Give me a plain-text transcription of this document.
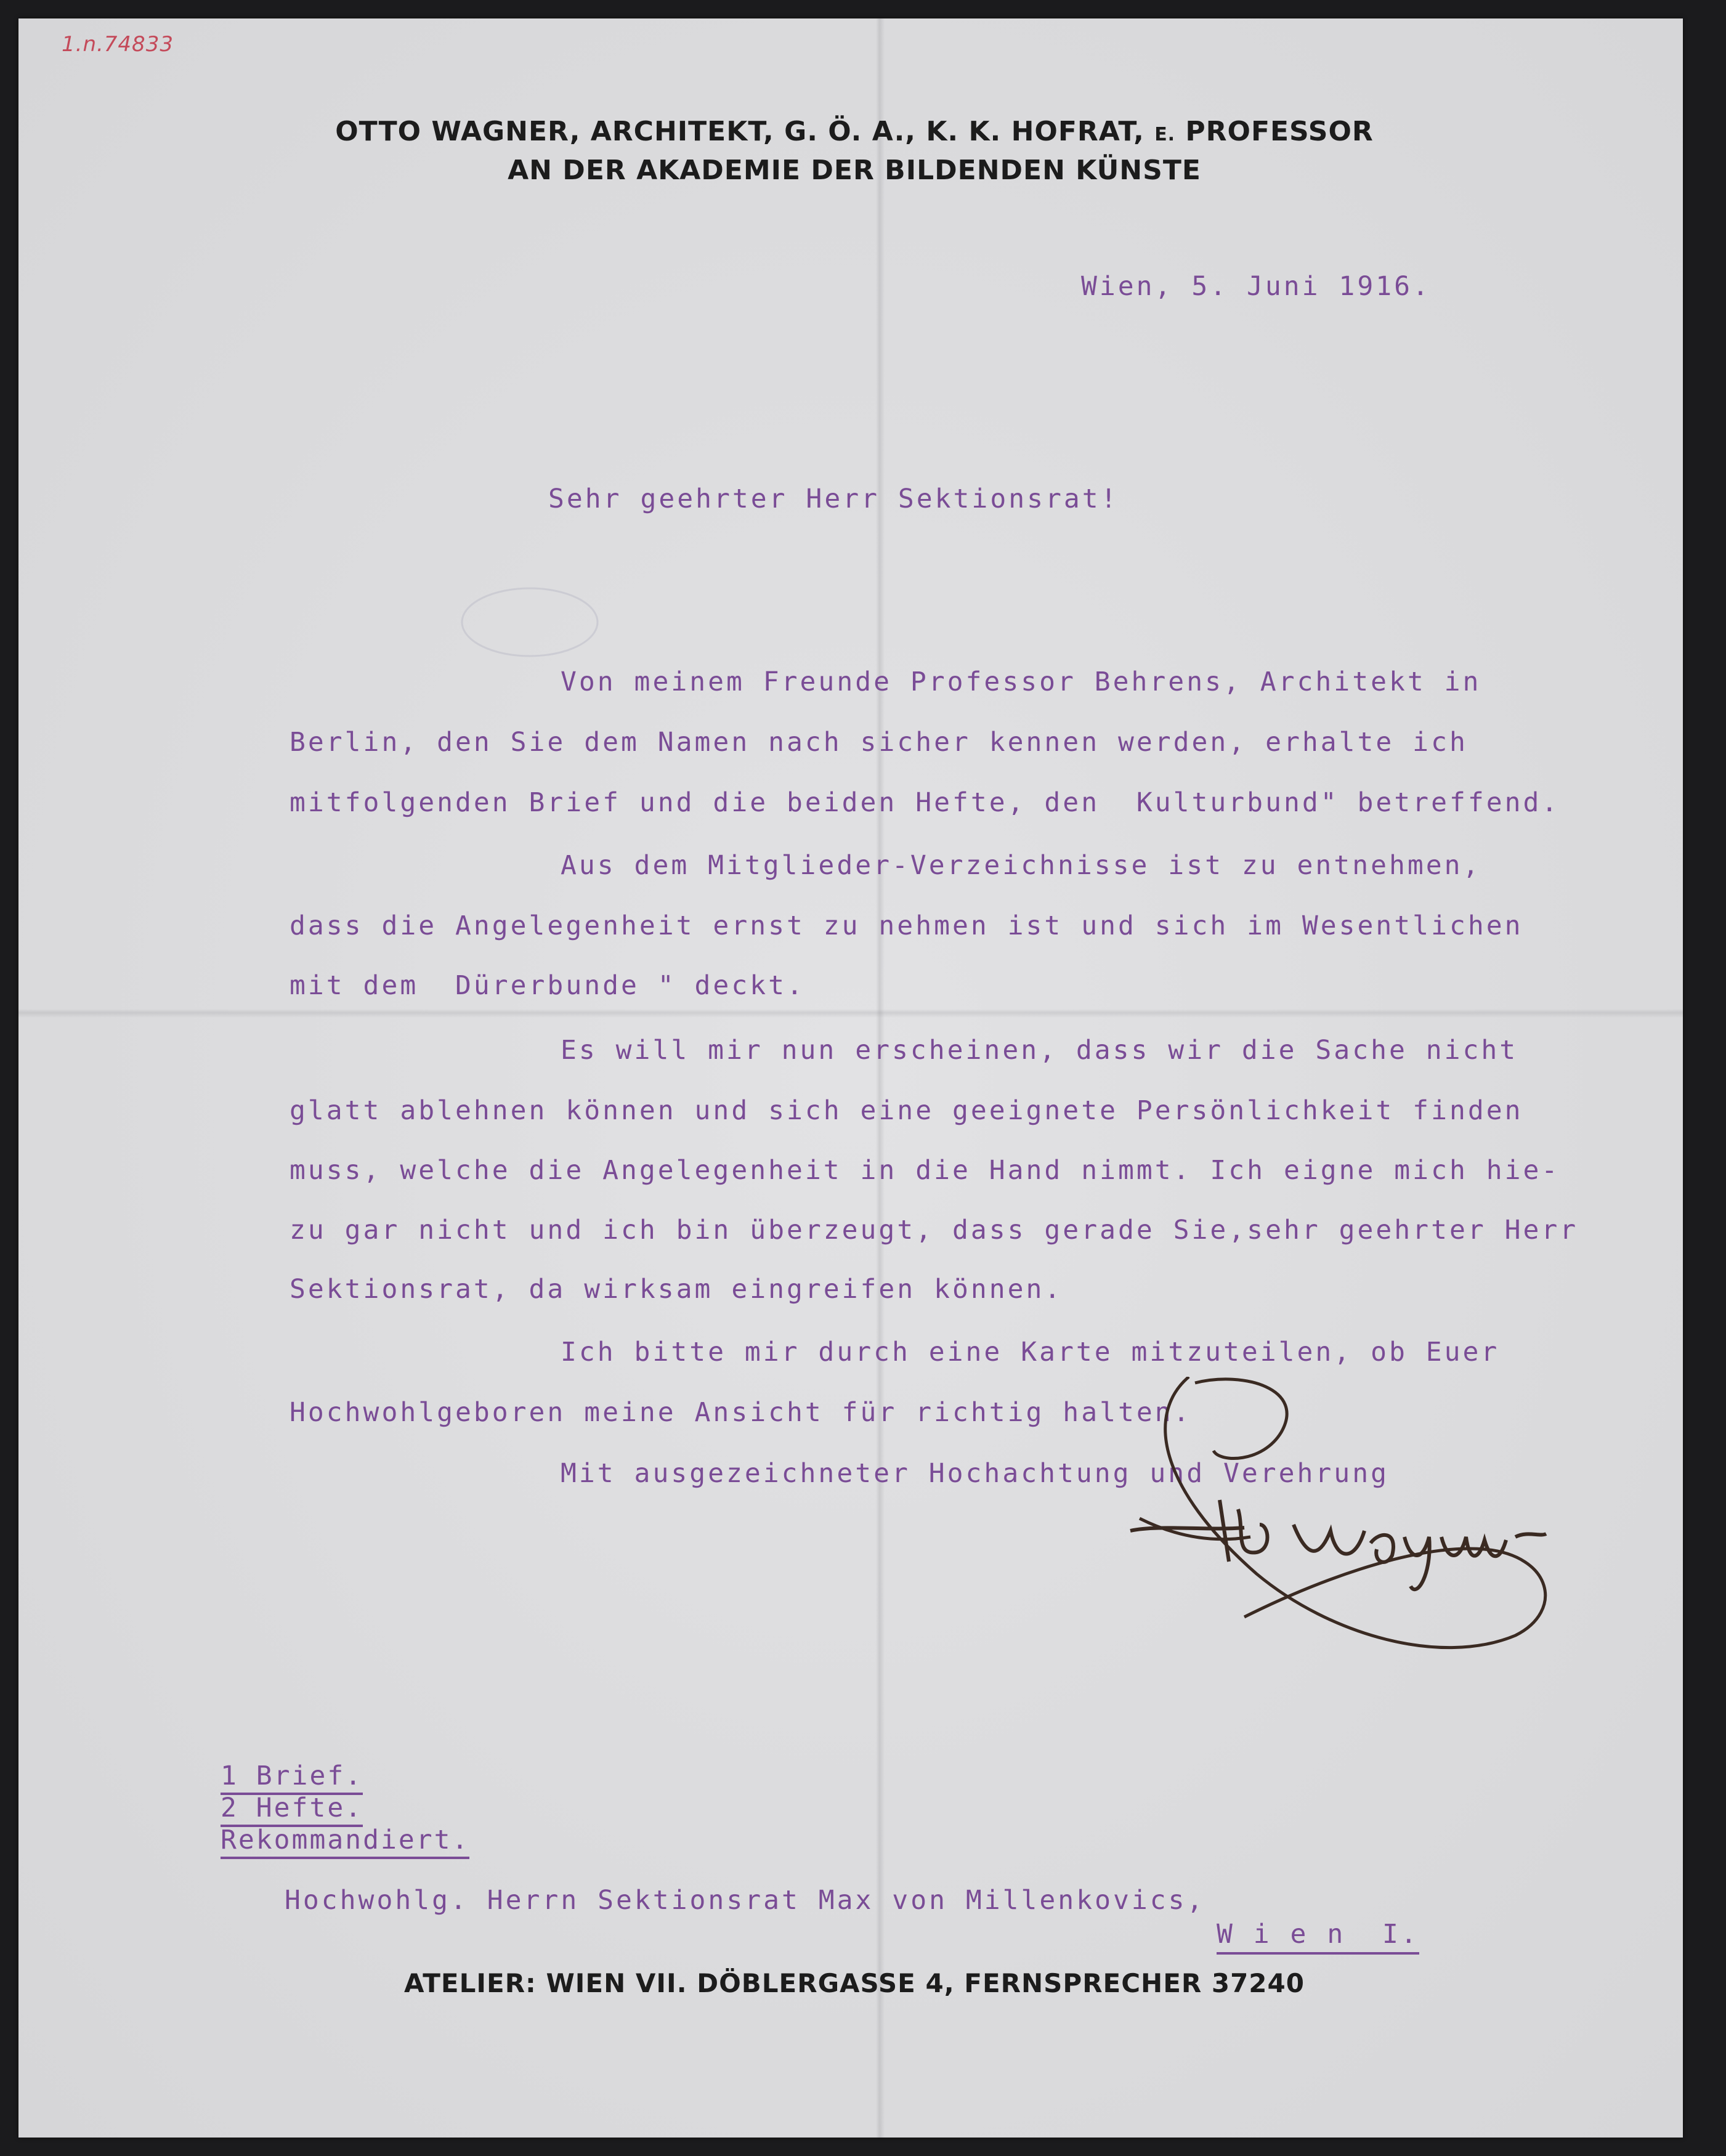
1.n.74833
OTTO WAGNER, ARCHITEKT, G. Ö. A., K. K. HOFRAT, E. PROFESSOR
AN DER AKADEMIE DER BILDENDEN KÜNSTE
Wien, 5. Juni 1916.
Sehr geehrter Herr Sektionsrat!
Von meinem Freunde Professor Behrens, Architekt in
Berlin, den Sie dem Namen nach sicher kennen werden, erhalte ich
mitfolgenden Brief und die beiden Hefte, den  Kulturbund" betreffend.
Aus dem Mitglieder-Verzeichnisse ist zu entnehmen,
dass die Angelegenheit ernst zu nehmen ist und sich im Wesentlichen
mit dem  Dürerbunde " deckt.
Es will mir nun erscheinen, dass wir die Sache nicht
glatt ablehnen können und sich eine geeignete Persönlichkeit finden
muss, welche die Angelegenheit in die Hand nimmt. Ich eigne mich hie-
zu gar nicht und ich bin überzeugt, dass gerade Sie,sehr geehrter Herr
Sektionsrat, da wirksam eingreifen können.
Ich bitte mir durch eine Karte mitzuteilen, ob Euer
Hochwohlgeboren meine Ansicht für richtig halten.
Mit ausgezeichneter Hochachtung und Verehrung
1 Brief.
2 Hefte.
Rekommandiert.
Hochwohlg. Herrn Sektionsrat Max von Millenkovics,
W i e n  I.
ATELIER: WIEN VII. DÖBLERGASSE 4, FERNSPRECHER 37240
